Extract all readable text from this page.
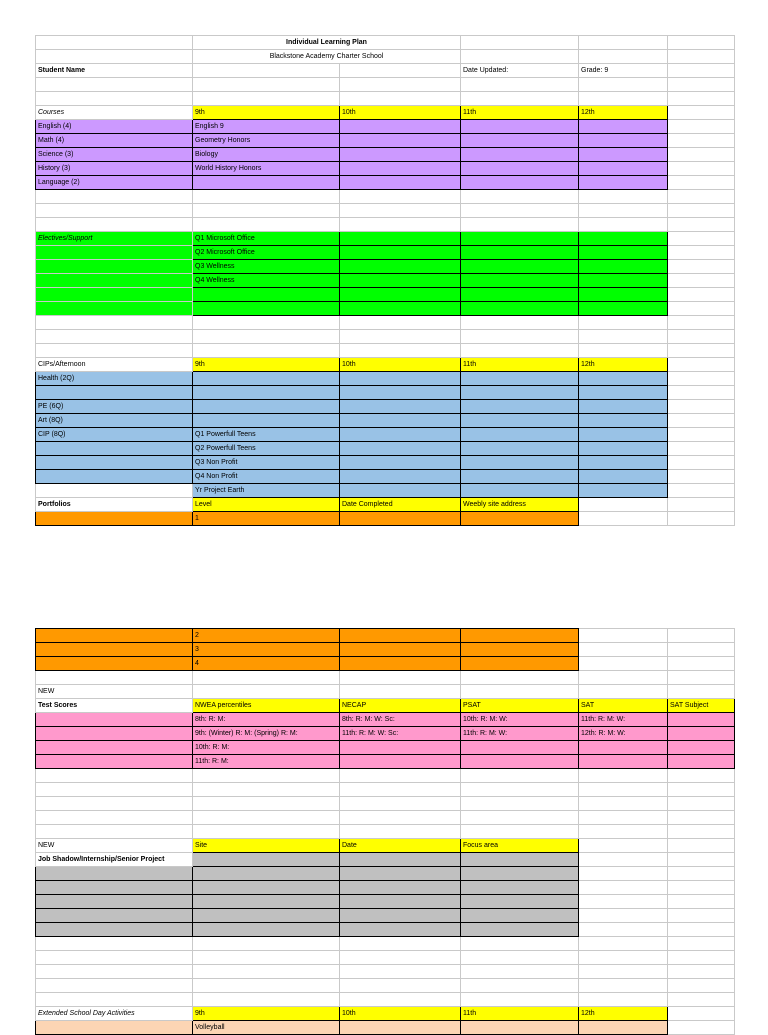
	Individual Learning Plan				
	Blackstone Academy Charter School				
Student Name			Date Updated:	Grade: 9	

Courses	9th	10th	11th	12th	
English (4)	English 9				
Math (4)	Geometry Honors				
Science (3)	Biology				
History (3)	World History Honors				
Language (2)					

Electives/Support	Q1 Microsoft Office				
	Q2 Microsoft Office				
	Q3 Wellness				
	Q4 Wellness				

CIPs/Afternoon	9th	10th	11th	12th	
Health (2Q)					

PE (6Q)					
Art (8Q)					
CIP (8Q)	Q1 Powerfull Teens				
	Q2 Powerfull Teens				
	Q3 Non Profit				
	Q4 Non Profit				
	Yr Project Earth				
Portfolios	Level	Date Completed	Weebly site address		
	1				
	2				
	3				
	4				

NEW					
Test Scores	NWEA percentiles	NECAP	PSAT	SAT	SAT Subject
	8th: R: M:	8th: R: M: W: Sc:	10th: R: M: W:	11th: R: M: W:	
	9th: (Winter) R: M: (Spring) R: M:	11th: R: M: W: Sc:	11th: R: M: W:	12th: R: M: W:	
	10th: R: M:				
	11th: R: M:				

NEW	Site	Date	Focus area		
Job Shadow/Internship/Senior Project					

Extended School Day Activities	9th	10th	11th	12th	
	Volleyball				
